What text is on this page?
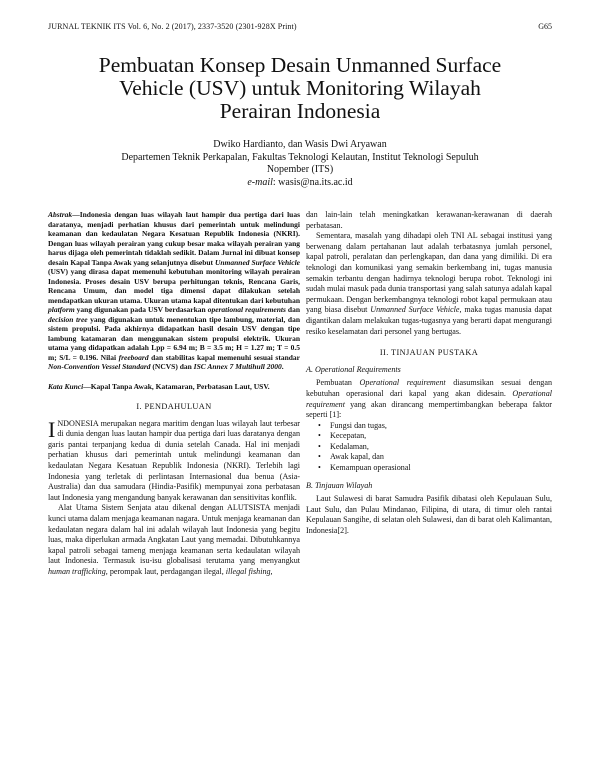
JURNAL TEKNIK ITS Vol. 6, No. 2 (2017), 2337-3520 (2301-928X Print)	G65
Pembuatan Konsep Desain Unmanned Surface
Vehicle (USV) untuk Monitoring Wilayah
Perairan Indonesia
Dwiko Hardianto, dan Wasis Dwi Aryawan
Departemen Teknik Perkapalan, Fakultas Teknologi Kelautan, Institut Teknologi Sepuluh
Nopember (ITS)
e-mail: wasis@na.its.ac.id

Abstrak—Indonesia dengan luas wilayah laut hampir dua pertiga dari luas daratanya, menjadi perhatian khusus dari pemerintah untuk melindungi keamanan dan kedaulatan Negara Kesatuan Republik Indonesia (NKRI). Dengan luas wilayah perairan yang cukup besar maka wilayah perairan yang harus dijaga oleh pemerintah tidaklah sedikit. Dalam Jurnal ini dibuat konsep desain Kapal Tanpa Awak yang selanjutnya disebut Unmanned Surface Vehicle (USV) yang dirasa dapat memenuhi kebutuhan monitoring wilayah perairan Indonesia. Proses desain USV berupa perhitungan teknis, Rencana Garis, Rencana Umum, dan model tiga dimensi dapat dilakukan setelah mendapatkan ukuran utama. Ukuran utama kapal ditentukan dari kebutuhan platform yang digunakan pada USV berdasarkan operational requirements dan decision tree yang digunakan untuk menentukan tipe lambung, material, dan sistem propulsi. Pada akhirnya didapatkan hasil desain USV dengan tipe lambung katamaran dan menggunakan sistem propulsi elektrik. Ukuran utama yang didapatkan adalah Lpp = 6.94 m; B = 3.5 m; H = 1.27 m; T = 0.5 m; S/L = 0.196. Nilai freeboard dan stabilitas kapal memenuhi sesuai standar Non-Convention Vessel Standard (NCVS) dan ISC Annex 7 Multihull 2000.

Kata Kunci—Kapal Tanpa Awak, Katamaran, Perbatasan Laut, USV.

I. PENDAHULUAN

INDONESIA merupakan negara maritim dengan luas wilayah laut terbesar di dunia dengan luas lautan hampir dua pertiga dari luas daratanya dengan garis pantai terpanjang kedua di dunia setelah Canada. Hal ini menjadi perhatian khusus dari pemerintah untuk melindungi keamanan dan kedaulatan Negara Kesatuan Republik Indonesia (NKRI). Terlebih lagi Indonesia yang terletak di perlintasan Internasional dua benua (Asia-Australia) dan dua samudara (Hindia-Pasifik) mempunyai zona perbatasan laut Indonesia yang mengandung banyak kerawanan dan sensitivitas konflik.

Alat Utama Sistem Senjata atau dikenal dengan ALUTSISTA menjadi kunci utama dalam menjaga keamanan nagara. Untuk menjaga keamanan dan kedaulatan negara dalam hal ini adalah wilayah laut Indonesia yang begitu luas, maka diperlukan armada Angkatan Laut yang memadai. Dibutuhkannya kapal patroli sebagai tameng menjaga keamanan serta kedaulatan wilayah laut Indonesia. Termasuk isu-isu globalisasi terutama yang menyangkut human trafficking, perompak laut, perdagangan ilegal, illegal fishing,

dan lain-lain telah meningkatkan kerawanan-kerawanan di daerah perbatasan.

Sementara, masalah yang dihadapi oleh TNI AL sebagai institusi yang berwenang dalam pertahanan laut adalah terbatasnya jumlah personel, kapal patroli, peralatan dan perlengkapan, dan dana yang dimiliki. Di era teknologi dan komunikasi yang semakin berkembang ini, tugas manusia semakin terbantu dengan hadirnya teknologi berupa robot. Teknologi ini sudah mulai masuk pada dunia transportasi yang salah satunya adalah kapal permukaan. Dengan berkembangnya teknologi robot kapal permukaan atau yang biasa disebut Unmanned Surface Vehicle, maka tugas manusia dapat digantikan dalam melakukan tugas-tugasnya yang berarti dapat mengurangi resiko keselamatan dari personel yang bertugas.

II. TINJAUAN PUSTAKA
A. Operational Requirements

Pembuatan Operational requirement diasumsikan sesuai dengan kebutuhan operasional dari kapal yang akan didesain. Operational requirement yang akan dirancang mempertimbangkan beberapa faktor seperti [1]:

• Fungsi dan tugas,
• Kecepatan,
• Kedalaman,
• Awak kapal, dan
• Kemampuan operasional
B. Tinjauan Wilayah

Laut Sulawesi di barat Samudra Pasifik dibatasi oleh Kepulauan Sulu, Laut Sulu, dan Pulau Mindanao, Filipina, di utara, di timur oleh rantai Kepulauan Sangihe, di selatan oleh Sulawesi, dan di barat oleh Kalimantan, Indonesia[2].
